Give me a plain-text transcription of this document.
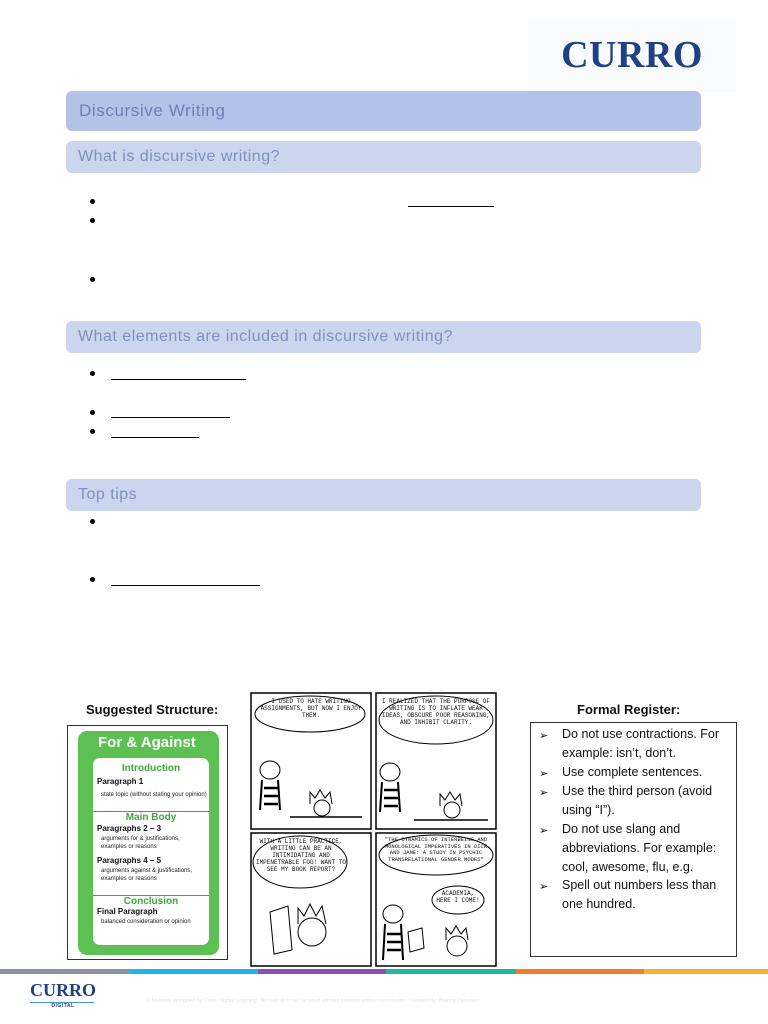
CURRO
Discursive Writing
What is discursive writing?
What elements are included in discursive writing?
Top tips
Suggested Structure:
For & Against
Introduction
Paragraph 1
state topic (without stating your opinion)
Main Body
Paragraphs 2 – 3
arguments for & justifications, examples or reasons
Paragraphs 4 – 5
arguments against & justifications, examples or reasons
Conclusion
Final Paragraph
balanced consideration or opinion
I USED TO HATE WRITING ASSIGNMENTS, BUT NOW I ENJOY THEM.
I REALIZED THAT THE PURPOSE OF WRITING IS TO INFLATE WEAK IDEAS, OBSCURE POOR REASONING, AND INHIBIT CLARITY.
WITH A LITTLE PRACTICE, WRITING CAN BE AN INTIMIDATING AND IMPENETRABLE FOG! WANT TO SEE MY BOOK REPORT?
"THE DYNAMICS OF INTERBEING AND MONOLOGICAL IMPERATIVES IN DICK AND JANE: A STUDY IN PSYCHIC TRANSRELATIONAL GENDER MODES"
ACADEMIA, HERE I COME!
Formal Register:
➢ Do not use contractions. For example: isn’t, don’t.
➢ Use complete sentences.
➢ Use the third person (avoid using “I”).
➢ Do not use slang and abbreviations. For example: cool, awesome, flu, e.g.
➢ Spell out numbers less than one hundred.
CURRO
DIGITAL
© Material designed by Curro Digital Learning. No part of it can be used without express written permission. Created by: Bianca Petersen.
